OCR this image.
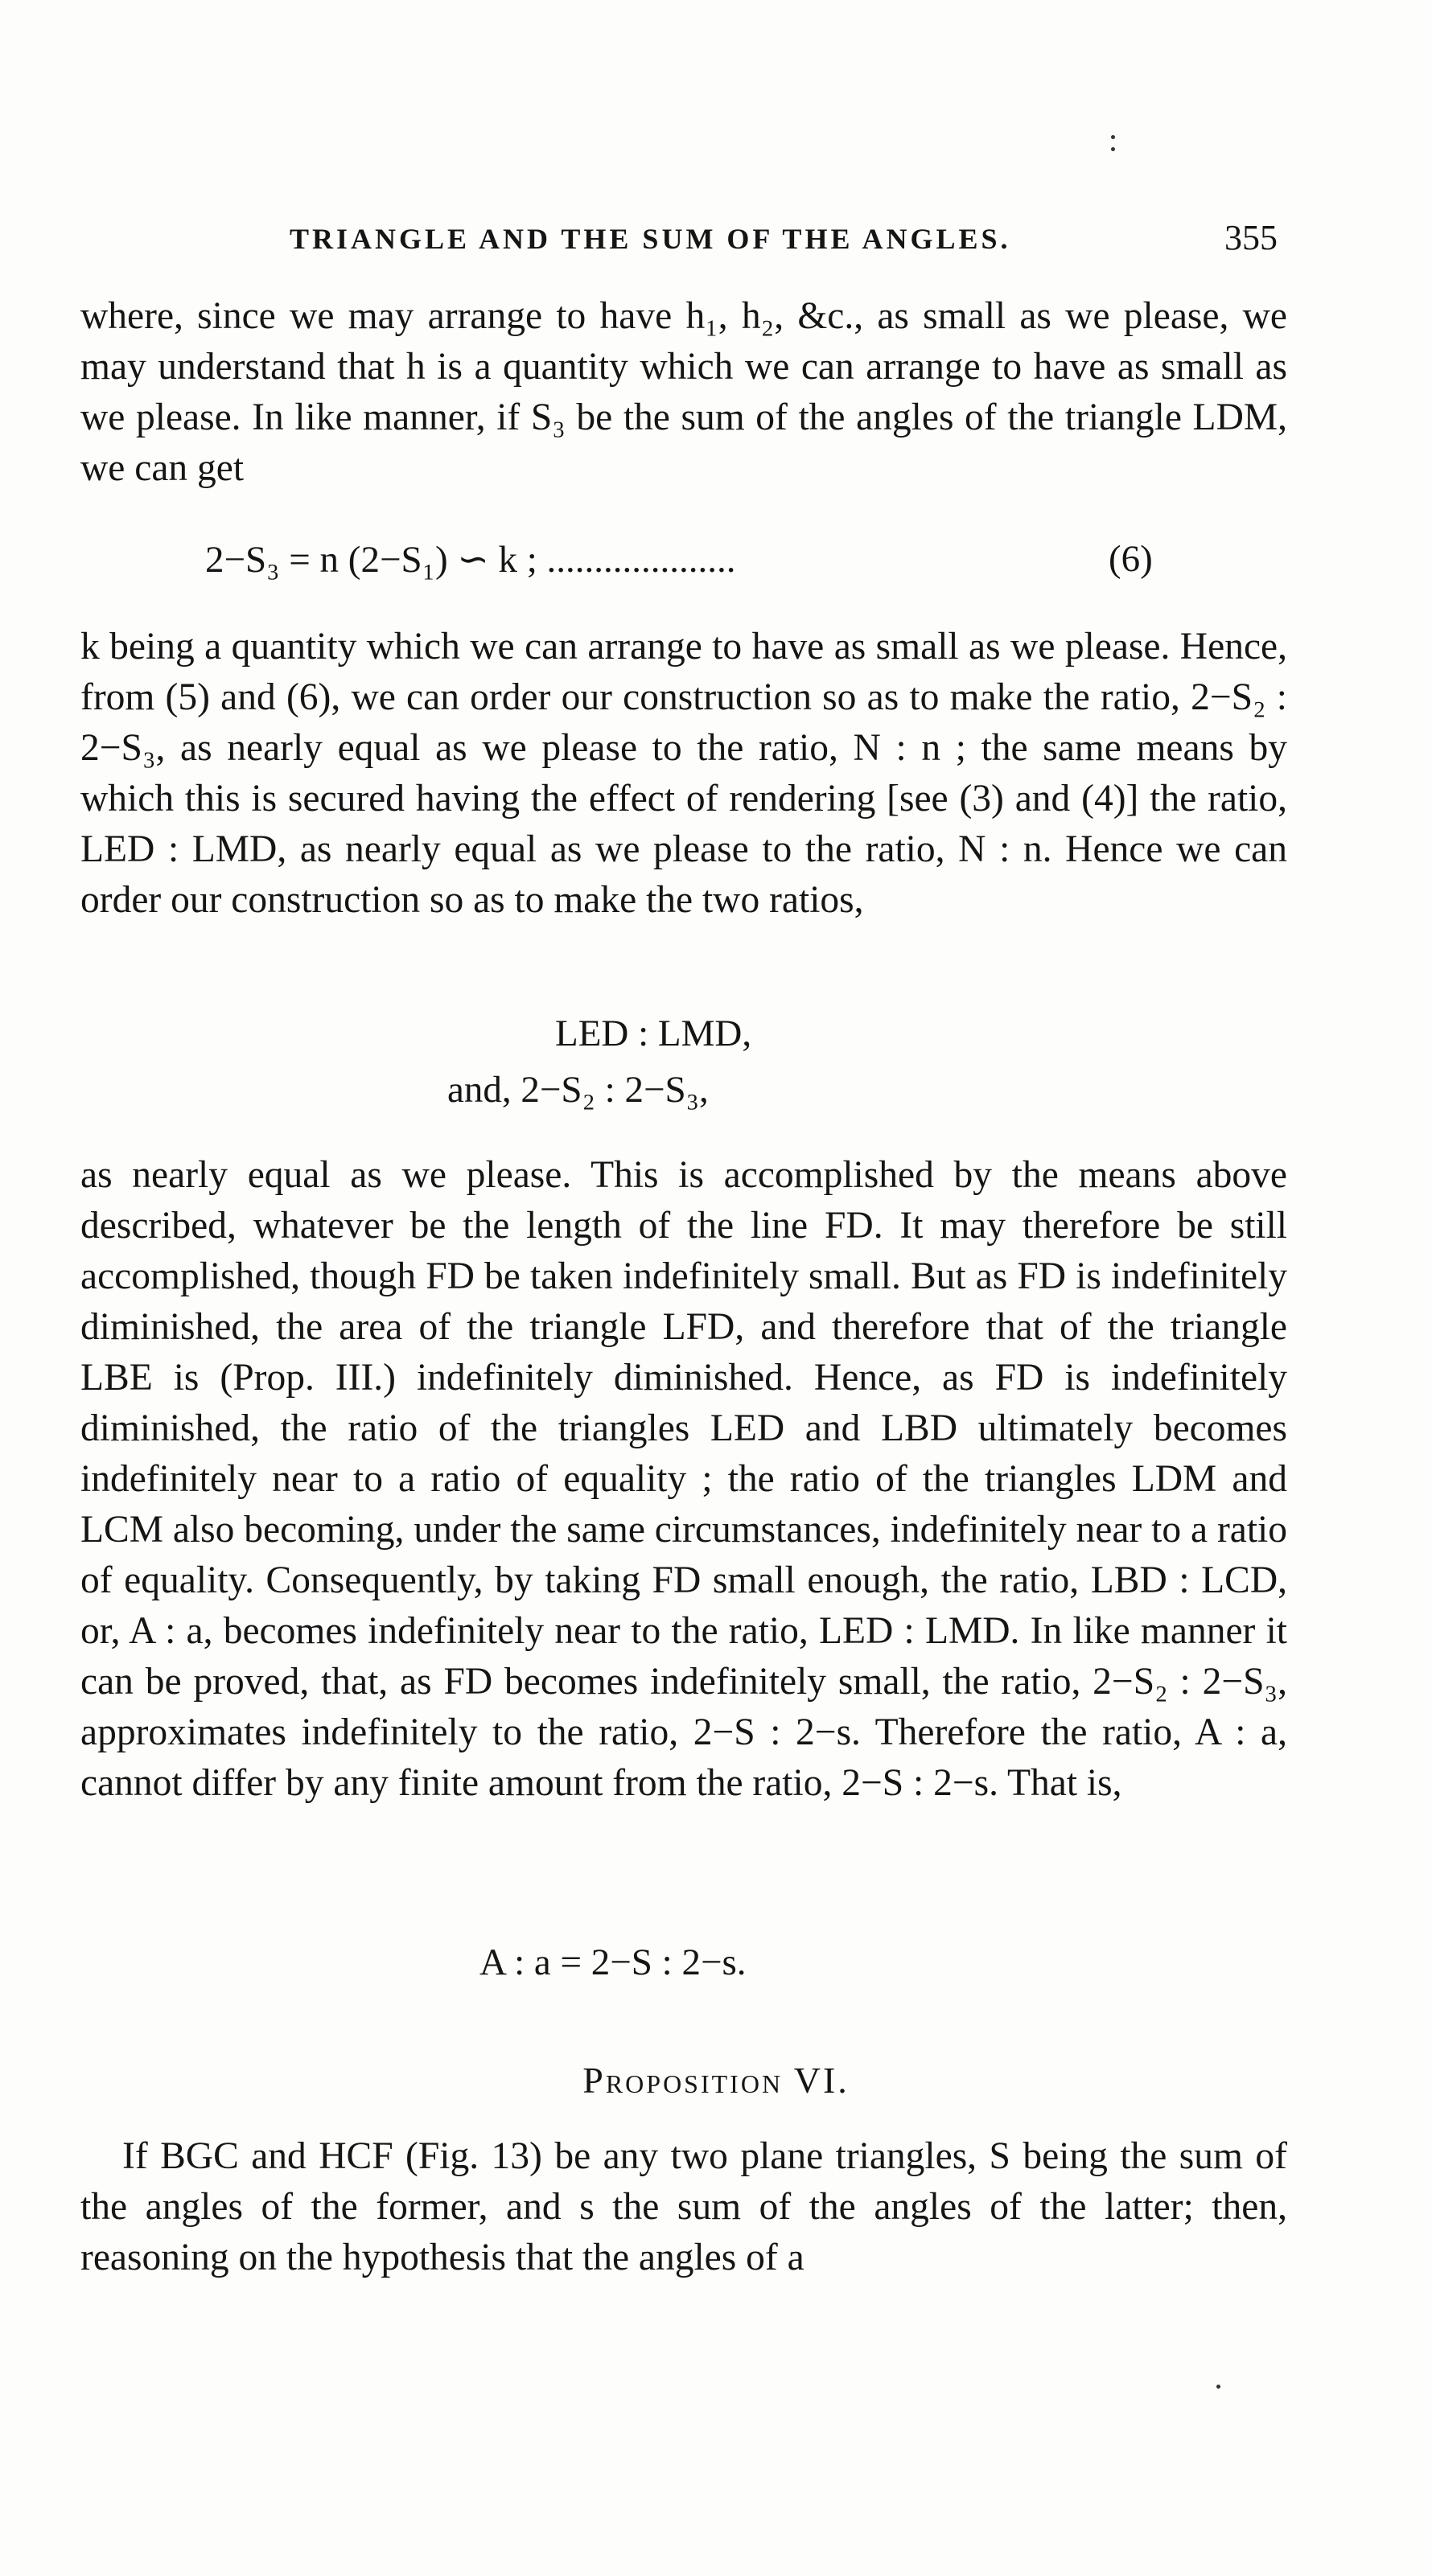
TRIANGLE AND THE SUM OF THE ANGLES.	355

where, since we may arrange to have h₁, h₂, &c., as small as we please, we may understand that h is a quantity which we can arrange to have as small as we please. In like manner, if S₃ be the sum of the angles of the triangle LDM, we can get

2−S₃ = n (2−S₁) ∽ k ; ....................	(6)

k being a quantity which we can arrange to have as small as we please. Hence, from (5) and (6), we can order our construction so as to make the ratio, 2−S₂ : 2−S₃, as nearly equal as we please to the ratio, N : n ; the same means by which this is secured having the effect of rendering [see (3) and (4)] the ratio, LED : LMD, as nearly equal as we please to the ratio, N : n. Hence we can order our construction so as to make the two ratios,

LED : LMD,
and, 2−S₂ : 2−S₃,

as nearly equal as we please. This is accomplished by the means above described, whatever be the length of the line FD. It may therefore be still accomplished, though FD be taken indefinitely small. But as FD is indefinitely diminished, the area of the triangle LFD, and therefore that of the triangle LBE is (Prop. III.) indefinitely diminished. Hence, as FD is indefinitely diminished, the ratio of the triangles LED and LBD ultimately becomes indefinitely near to a ratio of equality ; the ratio of the triangles LDM and LCM also becoming, under the same circumstances, indefinitely near to a ratio of equality. Consequently, by taking FD small enough, the ratio, LBD : LCD, or, A : a, becomes indefinitely near to the ratio, LED : LMD. In like manner it can be proved, that, as FD becomes indefinitely small, the ratio, 2−S₂ : 2−S₃, approximates indefinitely to the ratio, 2−S : 2−s. Therefore the ratio, A : a, cannot differ by any finite amount from the ratio, 2−S : 2−s. That is,

A : a = 2−S : 2−s.
Proposition VI.

If BGC and HCF (Fig. 13) be any two plane triangles, S being the sum of the angles of the former, and s the sum of the angles of the latter; then, reasoning on the hypothesis that the angles of a
